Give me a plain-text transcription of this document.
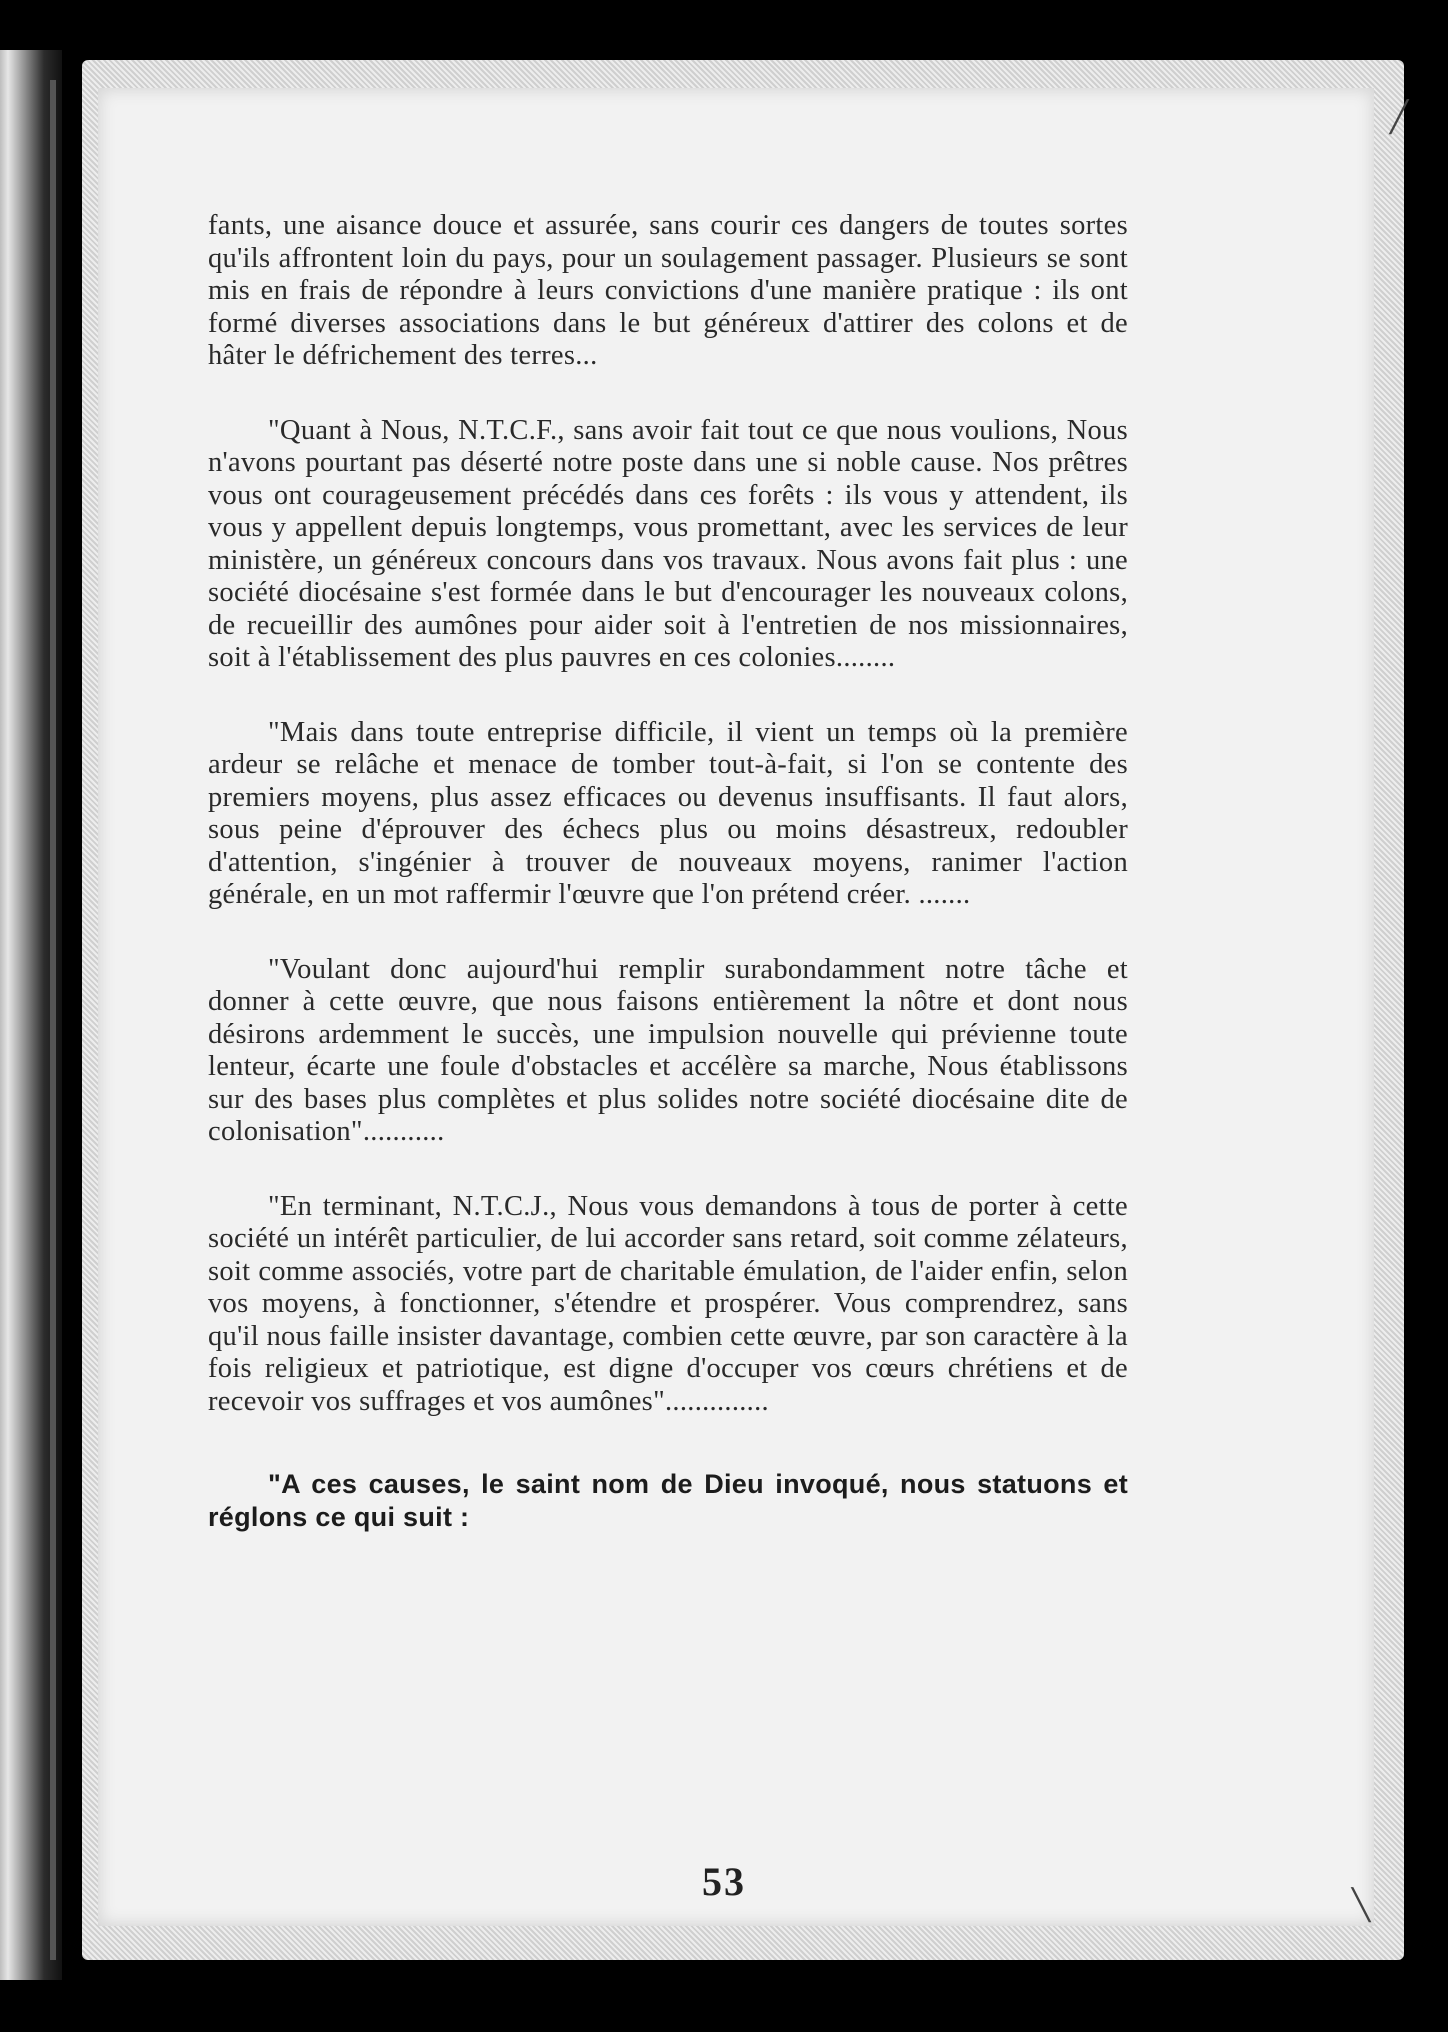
╱
╲

fants, une aisance douce et assurée, sans courir ces dangers de toutes sortes qu'ils affrontent loin du pays, pour un soulagement passager. Plusieurs se sont mis en frais de répondre à leurs convictions d'une manière pratique : ils ont formé diverses associations dans le but généreux d'attirer des colons et de hâter le défrichement des terres...

"Quant à Nous, N.T.C.F., sans avoir fait tout ce que nous voulions, Nous n'avons pourtant pas déserté notre poste dans une si noble cause. Nos prêtres vous ont courageusement précédés dans ces forêts : ils vous y attendent, ils vous y appellent depuis longtemps, vous promettant, avec les services de leur ministère, un généreux concours dans vos travaux. Nous avons fait plus : une société diocésaine s'est formée dans le but d'encourager les nouveaux colons, de recueillir des aumônes pour aider soit à l'entretien de nos missionnaires, soit à l'établissement des plus pauvres en ces colonies........

"Mais dans toute entreprise difficile, il vient un temps où la première ardeur se relâche et menace de tomber tout-à-fait, si l'on se contente des premiers moyens, plus assez efficaces ou devenus insuffisants. Il faut alors, sous peine d'éprouver des échecs plus ou moins désastreux, redoubler d'attention, s'ingénier à trouver de nouveaux moyens, ranimer l'action générale, en un mot raffermir l'œuvre que l'on prétend créer. .......

"Voulant donc aujourd'hui remplir surabondamment notre tâche et donner à cette œuvre, que nous faisons entièrement la nôtre et dont nous désirons ardemment le succès, une impulsion nouvelle qui prévienne toute lenteur, écarte une foule d'obstacles et accélère sa marche, Nous établissons sur des bases plus complètes et plus solides notre société diocésaine dite de colonisation"...........

"En terminant, N.T.C.J., Nous vous demandons à tous de porter à cette société un intérêt particulier, de lui accorder sans retard, soit comme zélateurs, soit comme associés, votre part de charitable émulation, de l'aider enfin, selon vos moyens, à fonctionner, s'étendre et prospérer. Vous comprendrez, sans qu'il nous faille insister davantage, combien cette œuvre, par son caractère à la fois religieux et patriotique, est digne d'occuper vos cœurs chrétiens et de recevoir vos suffrages et vos aumônes"..............

"A ces causes, le saint nom de Dieu invoqué, nous statuons et réglons ce qui suit :

53
